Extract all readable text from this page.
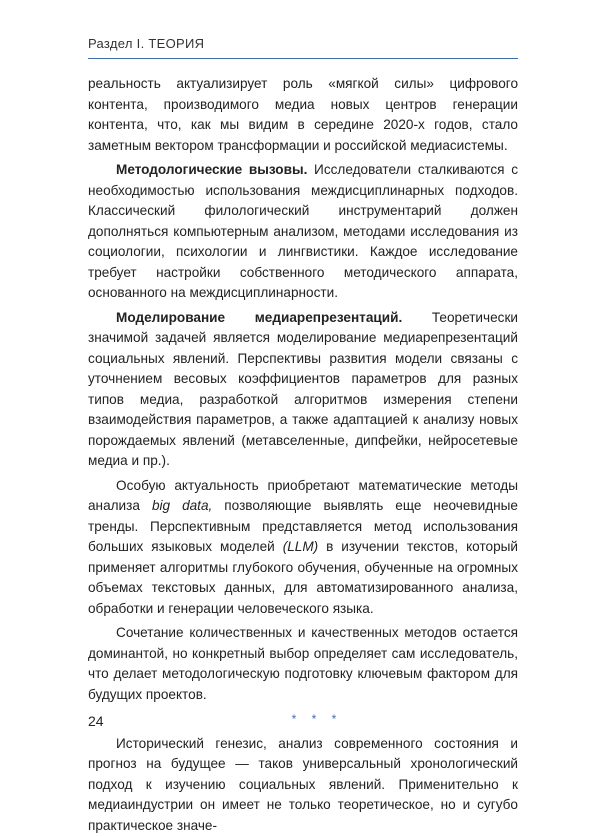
Раздел I. ТЕОРИЯ

реальность актуализирует роль «мягкой силы» цифрового контента, производимого медиа новых центров генерации контента, что, как мы видим в середине 2020-х годов, стало заметным вектором трансформации и российской медиасистемы.

Методологические вызовы. Исследователи сталкиваются с необходимостью использования междисциплинарных подходов. Классический филологический инструментарий должен дополняться компьютерным анализом, методами исследования из социологии, психологии и лингвистики. Каждое исследование требует настройки собственного методического аппарата, основанного на междисциплинарности.

Моделирование медиарепрезентаций. Теоретически значимой задачей является моделирование медиарепрезентаций социальных явлений. Перспективы развития модели связаны с уточнением весовых коэффициентов параметров для разных типов медиа, разработкой алгоритмов измерения степени взаимодействия параметров, а также адаптацией к анализу новых порождаемых явлений (метавселенные, дипфейки, нейросетевые медиа и пр.).

Особую актуальность приобретают математические методы анализа big data, позволяющие выявлять еще неочевидные тренды. Перспективным представляется метод использования больших языковых моделей (LLM) в изучении текстов, который применяет алгоритмы глубокого обучения, обученные на огромных объемах текстовых данных, для автоматизированного анализа, обработки и генерации человеческого языка.

Сочетание количественных и качественных методов остается доминантой, но конкретный выбор определяет сам исследователь, что делает методологическую подготовку ключевым фактором для будущих проектов.

* * *

Исторический генезис, анализ современного состояния и прогноз на будущее — таков универсальный хронологический подход к изучению социальных явлений. Применительно к медиаиндустрии он имеет не только теоретическое, но и сугубо практическое значе-

24
